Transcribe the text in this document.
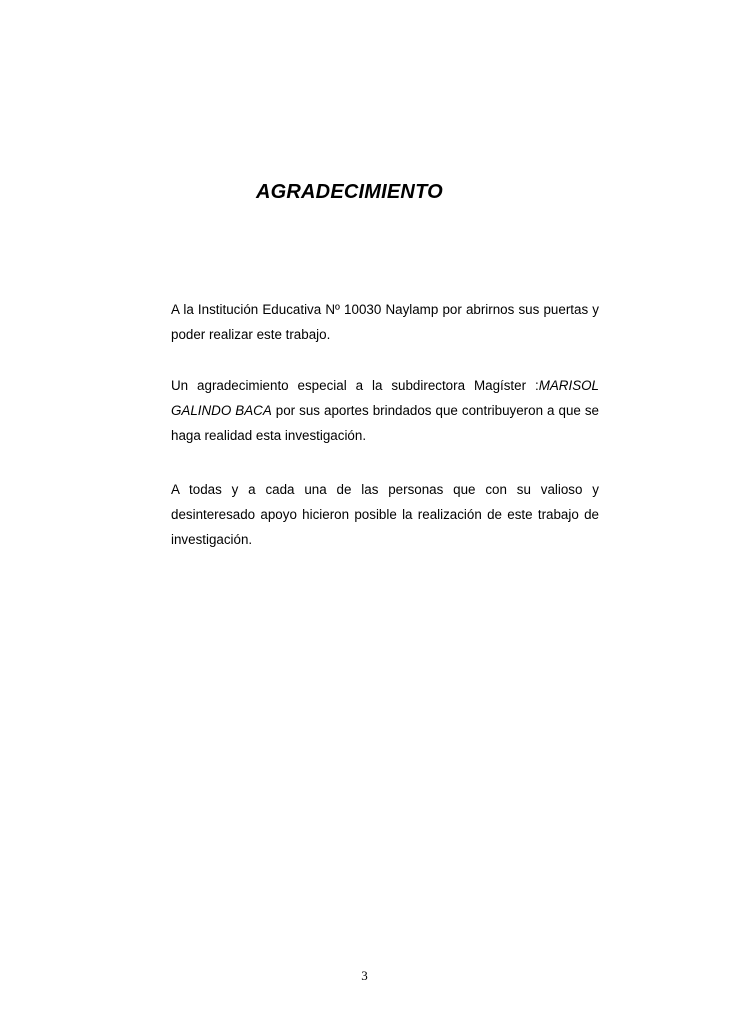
AGRADECIMIENTO

A la Institución Educativa Nº 10030 Naylamp por abrirnos sus puertas y poder realizar este trabajo.

Un agradecimiento especial a la subdirectora Magíster :MARISOL GALINDO BACA por sus aportes brindados que contribuyeron a que se haga realidad esta investigación.

A todas y a cada una de las personas que con su valioso y desinteresado apoyo hicieron posible la realización de este trabajo de investigación.

3
